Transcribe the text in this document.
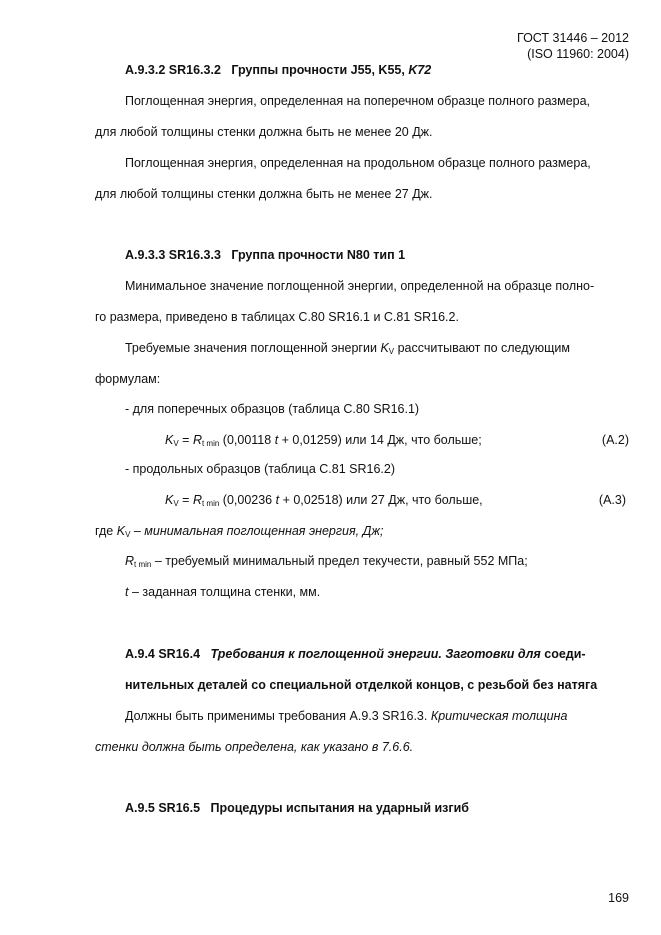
ГОСТ 31446 – 2012
(ISO 11960: 2004)
А.9.3.2 SR16.3.2 Группы прочности J55, K55, K72
Поглощенная энергия, определенная на поперечном образце полного размера,
для любой толщины стенки должна быть не менее 20 Дж.
Поглощенная энергия, определенная на продольном образце полного размера,
для любой толщины стенки должна быть не менее 27 Дж.
А.9.3.3 SR16.3.3 Группа прочности N80 тип 1
Минимальное значение поглощенной энергии, определенной на образце полно-
го размера, приведено в таблицах С.80 SR16.1 и С.81 SR16.2.
Требуемые значения поглощенной энергии $K_V$ рассчитывают по следующим
формулам:
- для поперечных образцов (таблица С.80 SR16.1)
$K_V = R_{t min}$ (0,00118 t + 0,01259) или 14 Дж, что больше;	(А.2)
- продольных образцов (таблица С.81 SR16.2)
$K_V = R_{t min}$ (0,00236 t + 0,02518) или 27 Дж, что больше,	(А.3)
где $K_V$ – минимальная поглощенная энергия, Дж;
$R_{t min}$ – требуемый минимальный предел текучести, равный 552 МПа;
t – заданная толщина стенки, мм.
А.9.4 SR16.4 Требования к поглощенной энергии. Заготовки для соеди-
нительных деталей со специальной отделкой концов, с резьбой без натяга
Должны быть применимы требования А.9.3 SR16.3. Критическая толщина
стенки должна быть определена, как указано в 7.6.6.
А.9.5 SR16.5 Процедуры испытания на ударный изгиб
169
